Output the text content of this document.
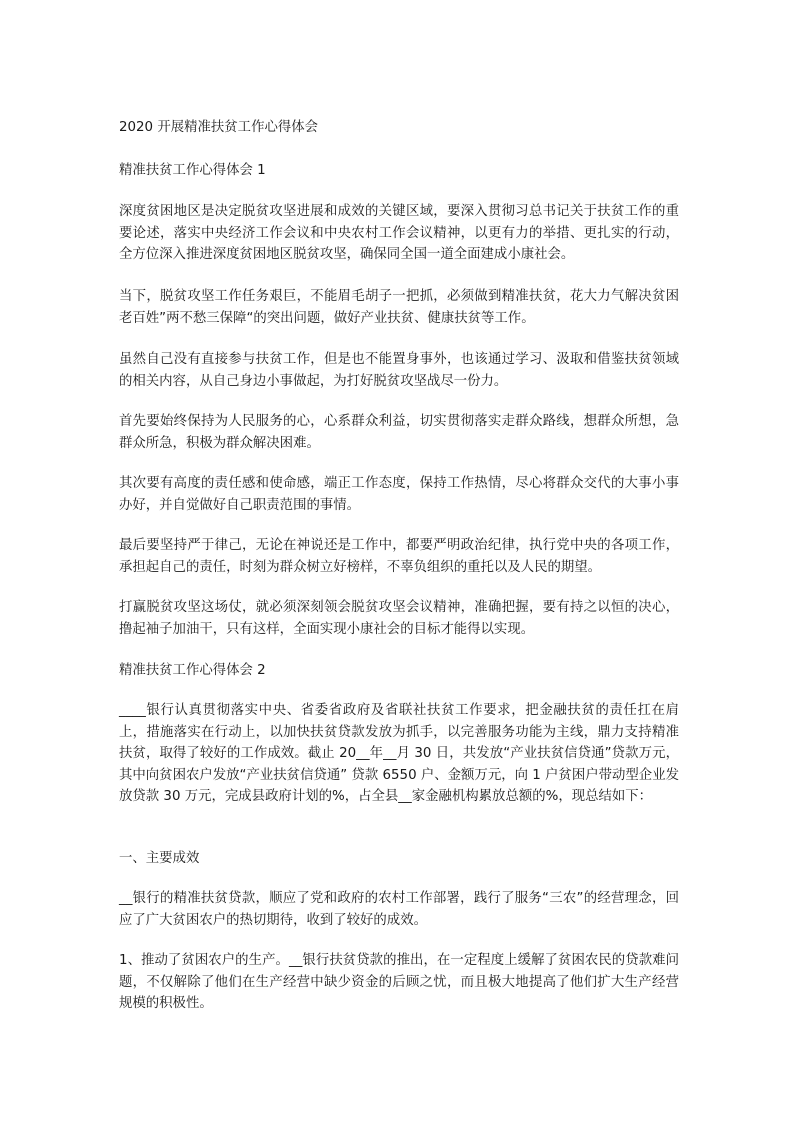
2020 开展精准扶贫工作心得体会

精准扶贫工作心得体会 1

深度贫困地区是决定脱贫攻坚进展和成效的关键区域，要深入贯彻习总书记关于扶贫工作的重要论述，落实中央经济工作会议和中央农村工作会议精神，以更有力的举措、更扎实的行动，全方位深入推进深度贫困地区脱贫攻坚，确保同全国一道全面建成小康社会。

当下，脱贫攻坚工作任务艰巨，不能眉毛胡子一把抓，必须做到精准扶贫，花大力气解决贫困老百姓”两不愁三保障“的突出问题，做好产业扶贫、健康扶贫等工作。

虽然自己没有直接参与扶贫工作，但是也不能置身事外，也该通过学习、汲取和借鉴扶贫领域的相关内容，从自己身边小事做起，为打好脱贫攻坚战尽一份力。

首先要始终保持为人民服务的心，心系群众利益，切实贯彻落实走群众路线，想群众所想，急群众所急，积极为群众解决困难。

其次要有高度的责任感和使命感，端正工作态度，保持工作热情，尽心将群众交代的大事小事办好，并自觉做好自己职责范围的事情。

最后要坚持严于律己，无论在神说还是工作中，都要严明政治纪律，执行党中央的各项工作，承担起自己的责任，时刻为群众树立好榜样，不辜负组织的重托以及人民的期望。

打赢脱贫攻坚这场仗，就必须深刻领会脱贫攻坚会议精神，准确把握，要有持之以恒的决心，撸起袖子加油干，只有这样，全面实现小康社会的目标才能得以实现。

精准扶贫工作心得体会 2

____银行认真贯彻落实中央、省委省政府及省联社扶贫工作要求，把金融扶贫的责任扛在肩上，措施落实在行动上，以加快扶贫贷款发放为抓手，以完善服务功能为主线，鼎力支持精准扶贫，取得了较好的工作成效。截止 20__年__月 30 日，共发放“产业扶贫信贷通”贷款万元，其中向贫困农户发放“产业扶贫信贷通” 贷款 6550 户、金额万元，向 1 户贫困户带动型企业发放贷款 30 万元，完成县政府计划的%，占全县__家金融机构累放总额的%，现总结如下：

一、主要成效

__银行的精准扶贫贷款，顺应了党和政府的农村工作部署，践行了服务“三农”的经营理念，回应了广大贫困农户的热切期待，收到了较好的成效。

1、推动了贫困农户的生产。__银行扶贫贷款的推出，在一定程度上缓解了贫困农民的贷款难问题，不仅解除了他们在生产经营中缺少资金的后顾之忧，而且极大地提高了他们扩大生产经营规模的积极性。
